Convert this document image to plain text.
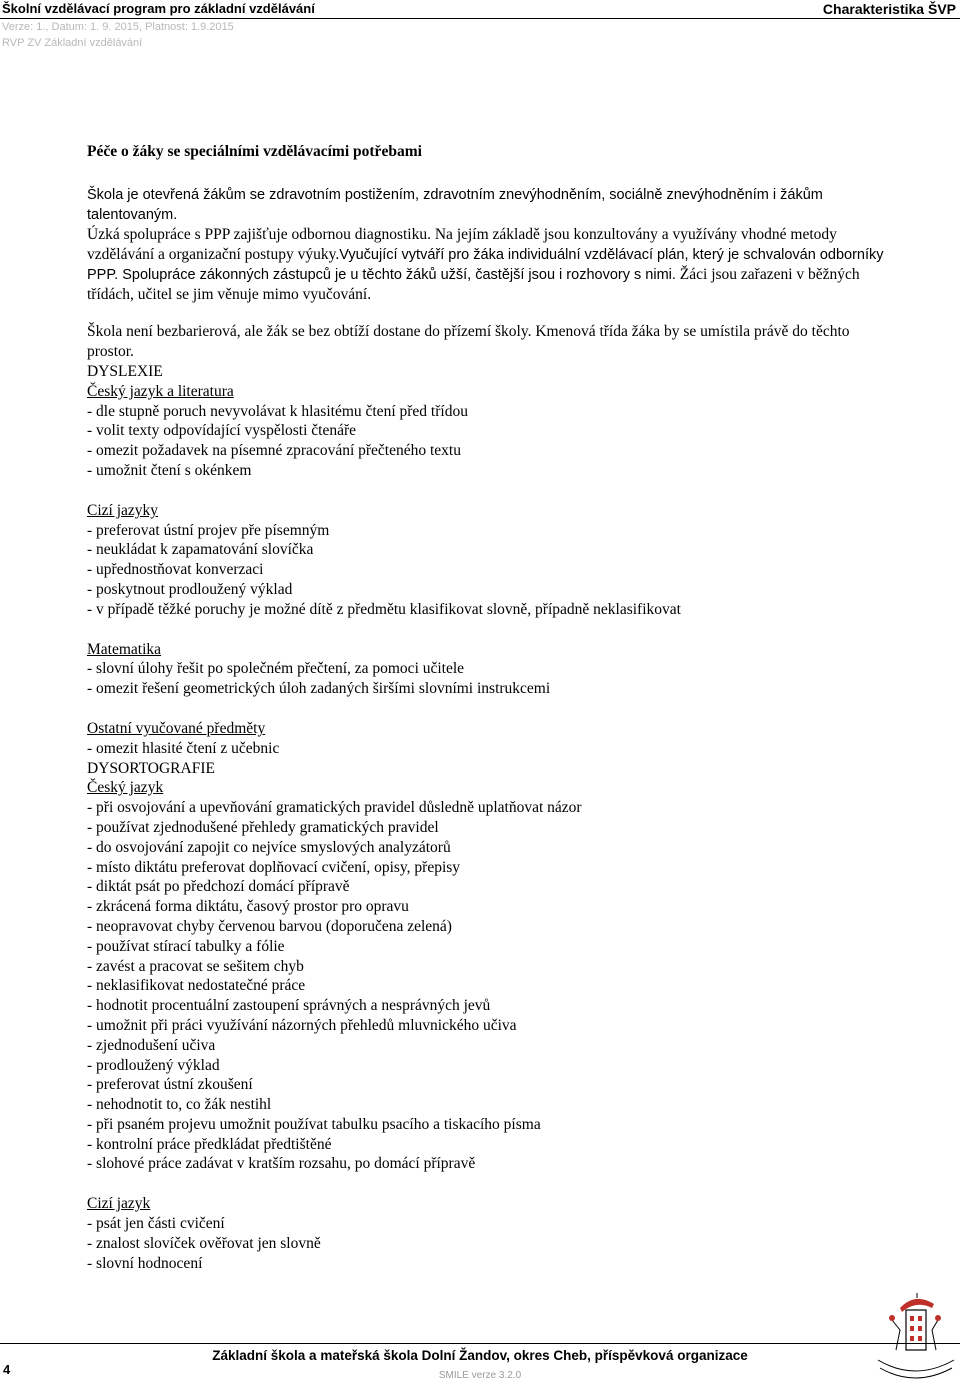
Školní vzdělávací program pro základní vzdělávání	Charakteristika ŠVP
Verze: 1., Datum: 1. 9. 2015, Platnost: 1.9.2015
RVP ZV Základní vzdělávání

Péče o žáky se speciálními vzdělávacími potřebami

Škola je otevřená žákům se zdravotním postižením, zdravotním znevýhodněním, sociálně znevýhodněním i žákům talentovaným.

Úzká spolupráce s PPP zajišťuje odbornou diagnostiku. Na jejím základě jsou konzultovány a využívány vhodné metody vzdělávání a organizační postupy výuky.Vyučující vytváří pro žáka individuální vzdělávací plán, který je schvalován odborníky PPP. Spolupráce zákonných zástupců je u těchto žáků užší, častější jsou i rozhovory s nimi. Žáci jsou zařazeni v běžných třídách, učitel se jim věnuje mimo vyučování.

Škola není bezbarierová, ale žák se bez obtíží dostane do přízemí školy. Kmenová třída žáka by se umístila právě do těchto prostor.

DYSLEXIE
Český jazyk a literatura
- dle stupně poruch nevyvolávat k hlasitému čtení před třídou
- volit texty odpovídající vyspělosti čtenáře
- omezit požadavek na písemné zpracování přečteného textu
- umožnit čtení s okénkem
Cizí jazyky
- preferovat ústní projev pře písemným
- neukládat k zapamatování slovíčka
- upřednostňovat konverzaci
- poskytnout prodloužený výklad
- v případě těžké poruchy je možné dítě z předmětu klasifikovat slovně, případně neklasifikovat
Matematika
- slovní úlohy řešit po společném přečtení, za pomoci učitele
- omezit řešení geometrických úloh zadaných širšími slovními instrukcemi
Ostatní vyučované předměty
- omezit hlasité čtení z učebnic
DYSORTOGRAFIE
Český jazyk
- při osvojování a upevňování gramatických pravidel důsledně uplatňovat názor
- používat zjednodušené přehledy gramatických pravidel
- do osvojování zapojit co nejvíce smyslových analyzátorů
- místo diktátu preferovat doplňovací cvičení, opisy, přepisy
- diktát psát po předchozí domácí přípravě
- zkrácená forma diktátu, časový prostor pro opravu
- neopravovat chyby červenou barvou (doporučena zelená)
- používat stírací tabulky a fólie
- zavést a pracovat se sešitem chyb
- neklasifikovat nedostatečné práce
- hodnotit procentuální zastoupení správných a nesprávných jevů
- umožnit při práci využívání názorných přehledů mluvnického učiva
- zjednodušení učiva
- prodloužený výklad
- preferovat ústní zkoušení
- nehodnotit to, co žák nestihl
- při psaném projevu umožnit používat tabulku psacího a tiskacího písma
- kontrolní práce předkládat předtištěné
- slohové práce zadávat v kratším rozsahu, po domácí přípravě
Cizí jazyk
- psát jen části cvičení
- znalost slovíček ověřovat jen slovně
- slovní hodnocení
4
Základní škola a mateřská škola Dolní Žandov, okres Cheb, příspěvková organizace
SMILE verze 3.2.0
